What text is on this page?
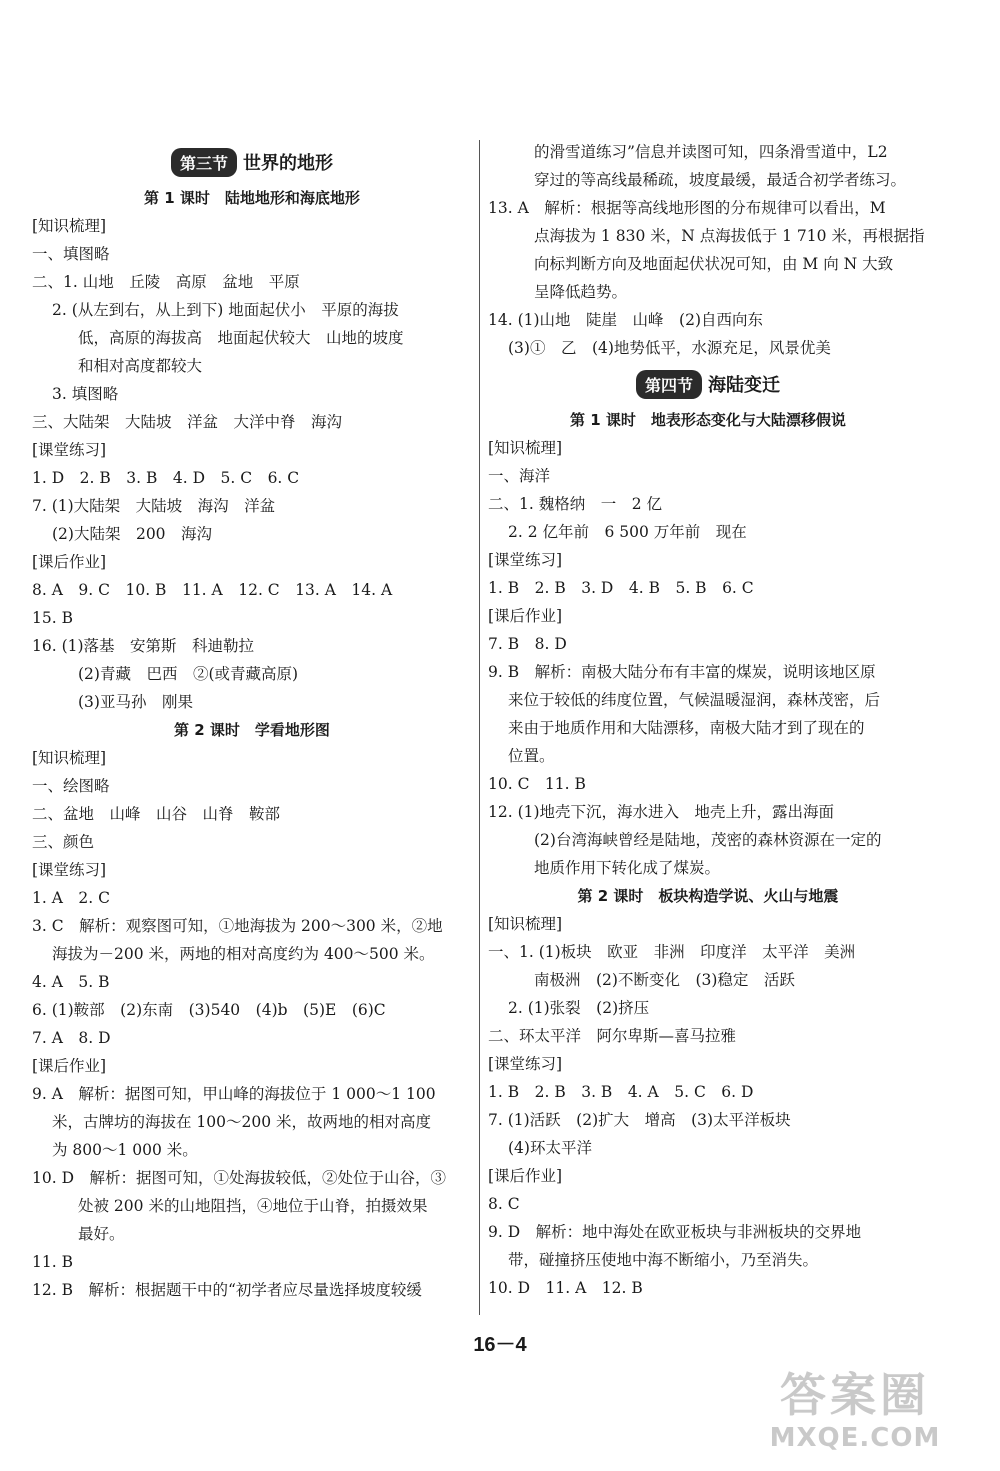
第三节 世界的地形
第 1 课时　陆地地形和海底地形
[知识梳理]
一、填图略
二、1. 山地　丘陵　高原　盆地　平原
2. (从左到右，从上到下) 地面起伏小　平原的海拔
低，高原的海拔高　地面起伏较大　山地的坡度
和相对高度都较大
3. 填图略
三、大陆架　大陆坡　洋盆　大洋中脊　海沟
[课堂练习]
1. D　2. B　3. B　4. D　5. C　6. C
7. (1)大陆架　大陆坡　海沟　洋盆
(2)大陆架　200　海沟
[课后作业]
8. A　9. C　10. B　11. A　12. C　13. A　14. A
15. B
16. (1)落基　安第斯　科迪勒拉
(2)青藏　巴西　②(或青藏高原)
(3)亚马孙　刚果
第 2 课时　学看地形图
[知识梳理]
一、绘图略
二、盆地　山峰　山谷　山脊　鞍部
三、颜色
[课堂练习]
1. A　2. C
3. C　解析：观察图可知，①地海拔为 200～300 米，②地
海拔为－200 米，两地的相对高度约为 400～500 米。
4. A　5. B
6. (1)鞍部　(2)东南　(3)540　(4)b　(5)E　(6)C
7. A　8. D
[课后作业]
9. A　解析：据图可知，甲山峰的海拔位于 1 000～1 100
米，古牌坊的海拔在 100～200 米，故两地的相对高度
为 800～1 000 米。
10. D　解析：据图可知，①处海拔较低，②处位于山谷，③
处被 200 米的山地阻挡，④地位于山脊，拍摄效果
最好。
11. B
12. B　解析：根据题干中的“初学者应尽量选择坡度较缓
的滑雪道练习”信息并读图可知，四条滑雪道中，L2
穿过的等高线最稀疏，坡度最缓，最适合初学者练习。
13. A　解析：根据等高线地形图的分布规律可以看出，M
点海拔为 1 830 米，N 点海拔低于 1 710 米，再根据指
向标判断方向及地面起伏状况可知，由 M 向 N 大致
呈降低趋势。
14. (1)山地　陡崖　山峰　(2)自西向东
(3)①　乙　(4)地势低平，水源充足，风景优美
第四节 海陆变迁
第 1 课时　地表形态变化与大陆漂移假说
[知识梳理]
一、海洋
二、1. 魏格纳　一　2 亿
2. 2 亿年前　6 500 万年前　现在
[课堂练习]
1. B　2. B　3. D　4. B　5. B　6. C
[课后作业]
7. B　8. D
9. B　解析：南极大陆分布有丰富的煤炭，说明该地区原
来位于较低的纬度位置，气候温暖湿润，森林茂密，后
来由于地质作用和大陆漂移，南极大陆才到了现在的
位置。
10. C　11. B
12. (1)地壳下沉，海水进入　地壳上升，露出海面
(2)台湾海峡曾经是陆地，茂密的森林资源在一定的
地质作用下转化成了煤炭。
第 2 课时　板块构造学说、火山与地震
[知识梳理]
一、1. (1)板块　欧亚　非洲　印度洋　太平洋　美洲
南极洲　(2)不断变化　(3)稳定　活跃
2. (1)张裂　(2)挤压
二、环太平洋　阿尔卑斯—喜马拉雅
[课堂练习]
1. B　2. B　3. B　4. A　5. C　6. D
7. (1)活跃　(2)扩大　增高　(3)太平洋板块
(4)环太平洋
[课后作业]
8. C
9. D　解析：地中海处在欧亚板块与非洲板块的交界地
带，碰撞挤压使地中海不断缩小，乃至消失。
10. D　11. A　12. B
16－4
答案圈
MXQE.COM
